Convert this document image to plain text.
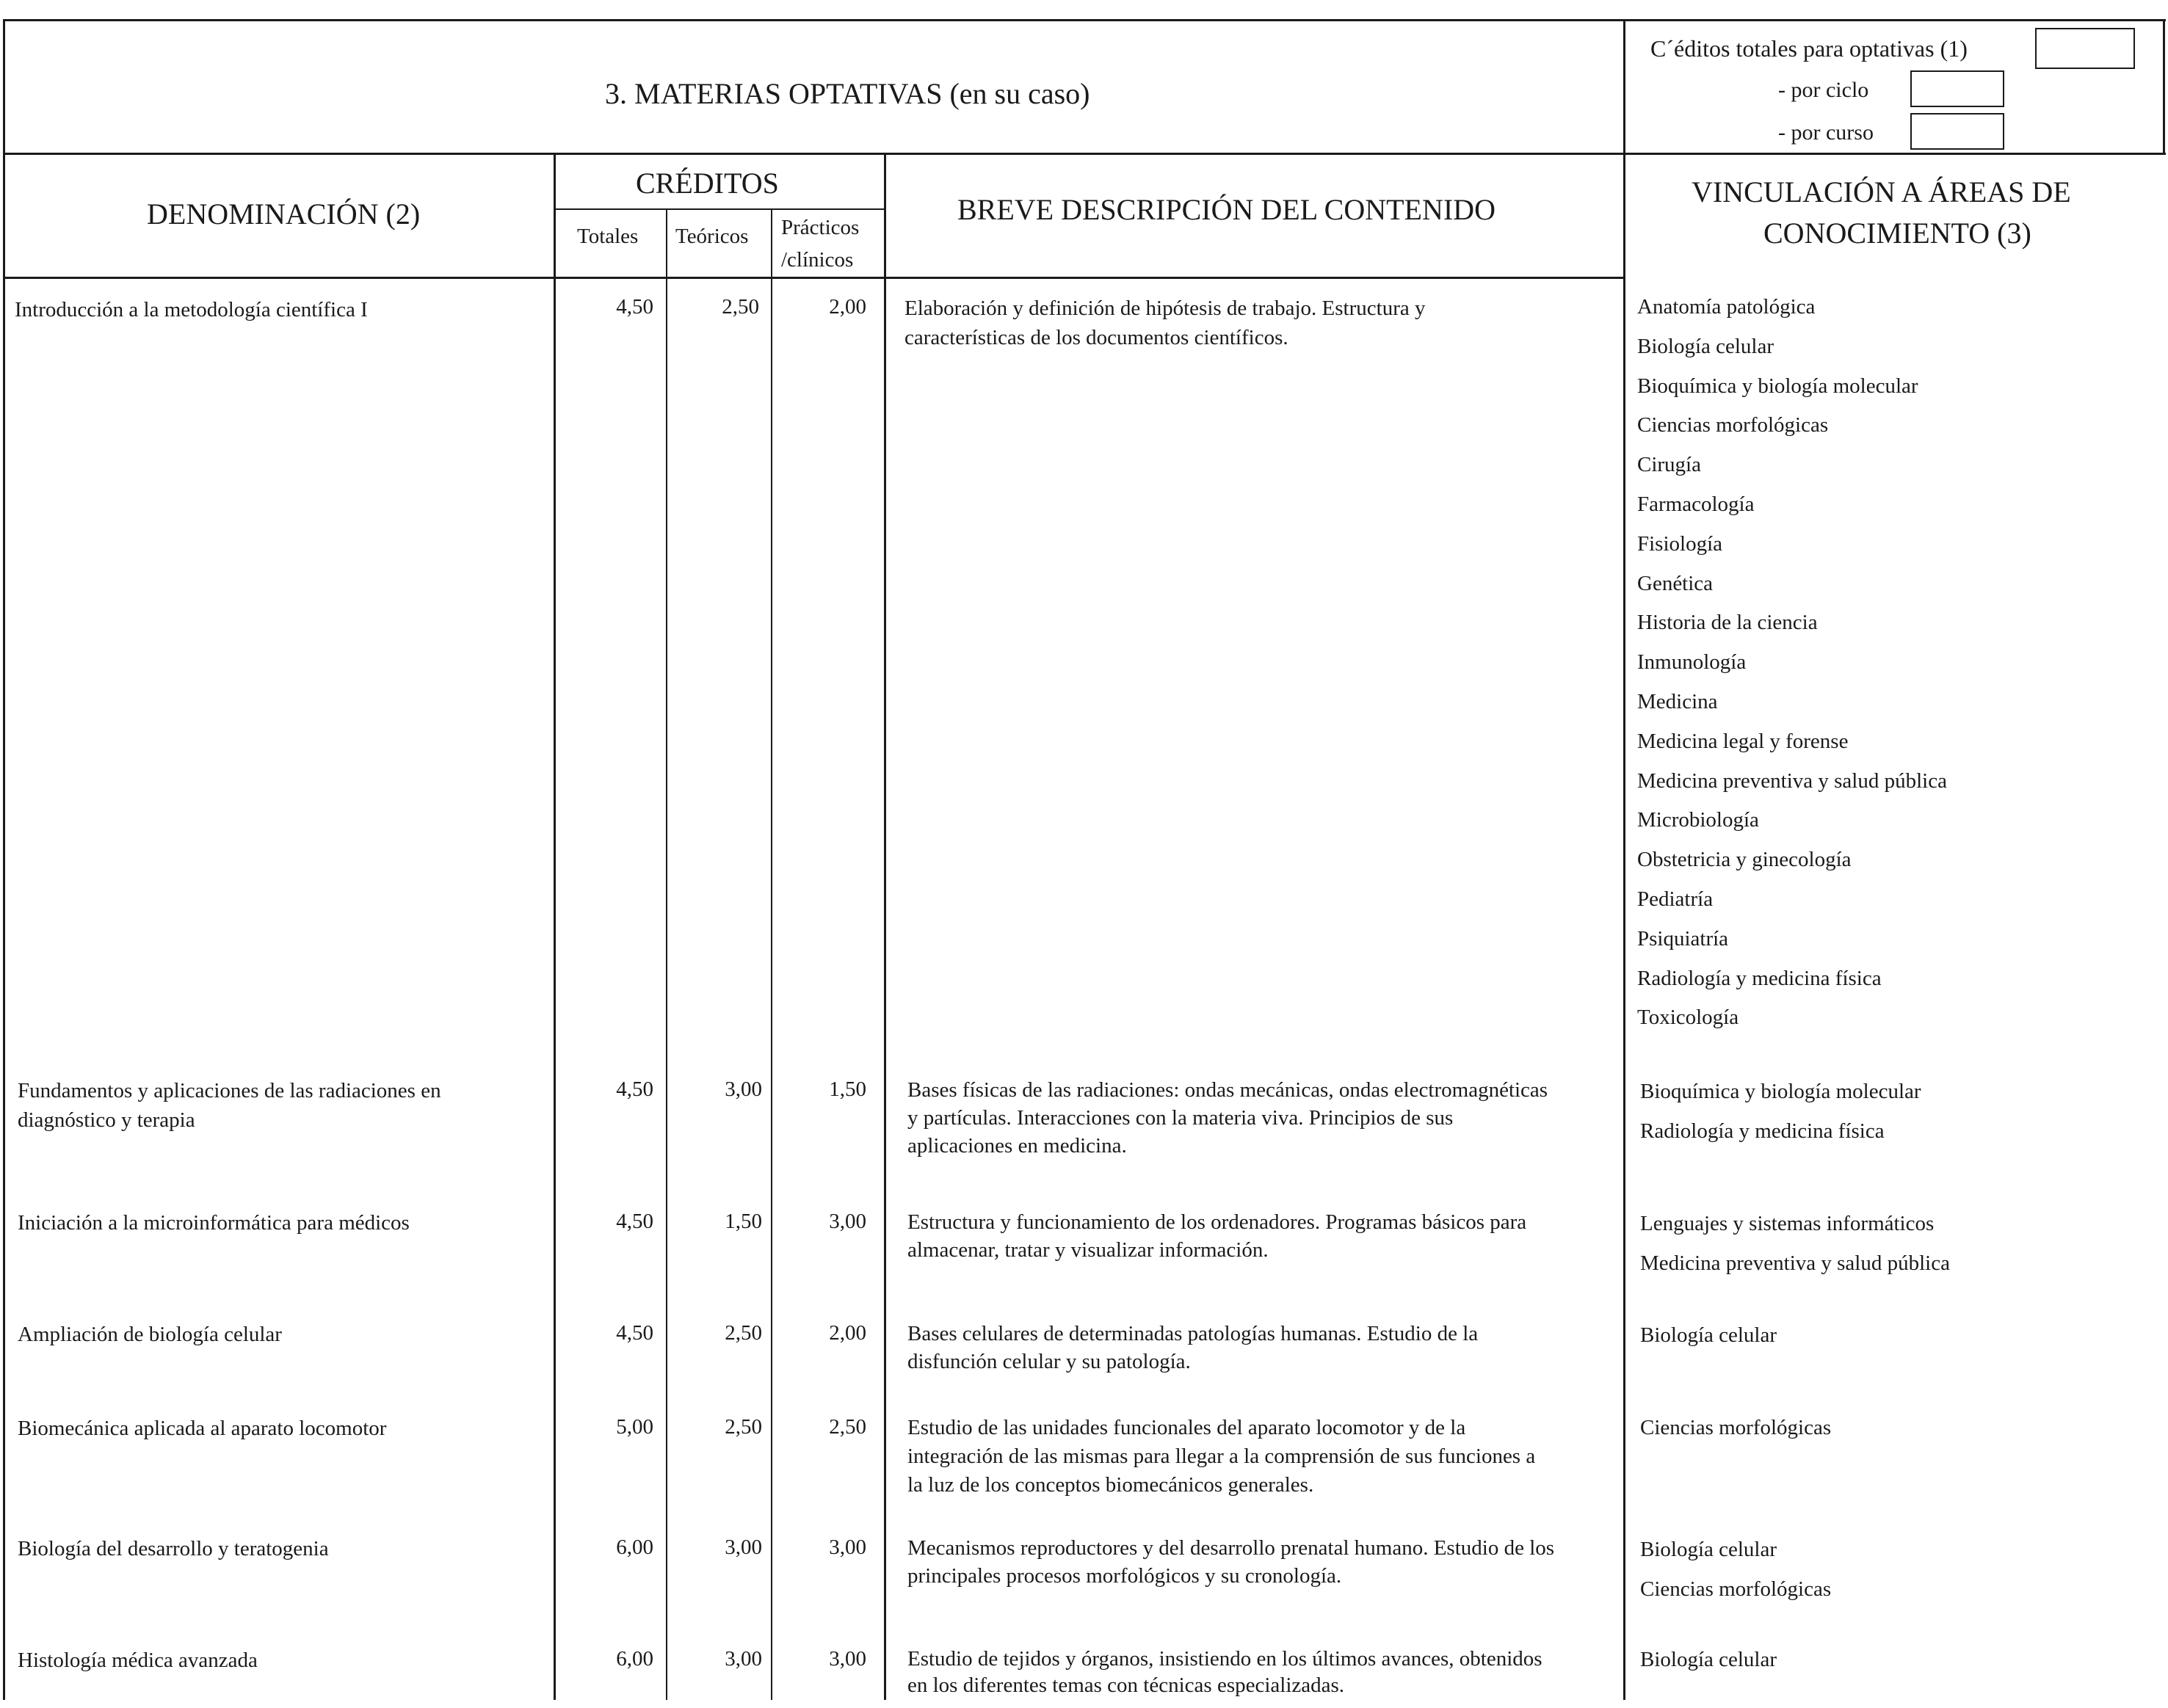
3. MATERIAS OPTATIVAS (en su caso)
C´éditos totales para optativas (1)
- por ciclo
- por curso
DENOMINACIÓN (2)
CRÉDITOS
Totales Teóricos Prácticos
/clínicos
BREVE DESCRIPCIÓN DEL CONTENIDO
VINCULACIÓN A ÁREAS DE
CONOCIMIENTO (3)
Introducción a la metodología científica I	4,50	2,50	2,00 Elaboración y definición de hipótesis de trabajo. Estructura y
características de los documentos científicos.
Anatomía patológica
Biología celular
Bioquímica y biología molecular
Ciencias morfológicas
Cirugía
Farmacología
Fisiología
Genética
Historia de la ciencia
Inmunología
Medicina
Medicina legal y forense
Medicina preventiva y salud pública
Microbiología
Obstetricia y ginecología
Pediatría
Psiquiatría
Radiología y medicina física
Toxicología
Fundamentos y aplicaciones de las radiaciones en
diagnóstico y terapia
4,50	3,00	1,50 Bases físicas de las radiaciones: ondas mecánicas, ondas electromagnéticas
y partículas. Interacciones con la materia viva. Principios de sus
aplicaciones en medicina.
Bioquímica y biología molecular
Radiología y medicina física
Iniciación a la microinformática para médicos	4,50	1,50	3,00 Estructura y funcionamiento de los ordenadores. Programas básicos para
almacenar, tratar y visualizar información.
Lenguajes y sistemas informáticos
Medicina preventiva y salud pública
Ampliación de biología celular	4,50	2,50	2,00 Bases celulares de determinadas patologías humanas. Estudio de la
disfunción celular y su patología.
Biología celular
Biomecánica aplicada al aparato locomotor	5,00	2,50	2,50 Estudio de las unidades funcionales del aparato locomotor y de la
integración de las mismas para llegar a la comprensión de sus funciones a
la luz de los conceptos biomecánicos generales.
Ciencias morfológicas
Biología del desarrollo y teratogenia	6,00	3,00	3,00 Mecanismos reproductores y del desarrollo prenatal humano. Estudio de los
principales procesos morfológicos y su cronología.
Biología celular
Ciencias morfológicas
Histología médica avanzada	6,00	3,00	3,00 Estudio de tejidos y órganos, insistiendo en los últimos avances, obtenidos
en los diferentes temas con técnicas especializadas.
Biología celular
